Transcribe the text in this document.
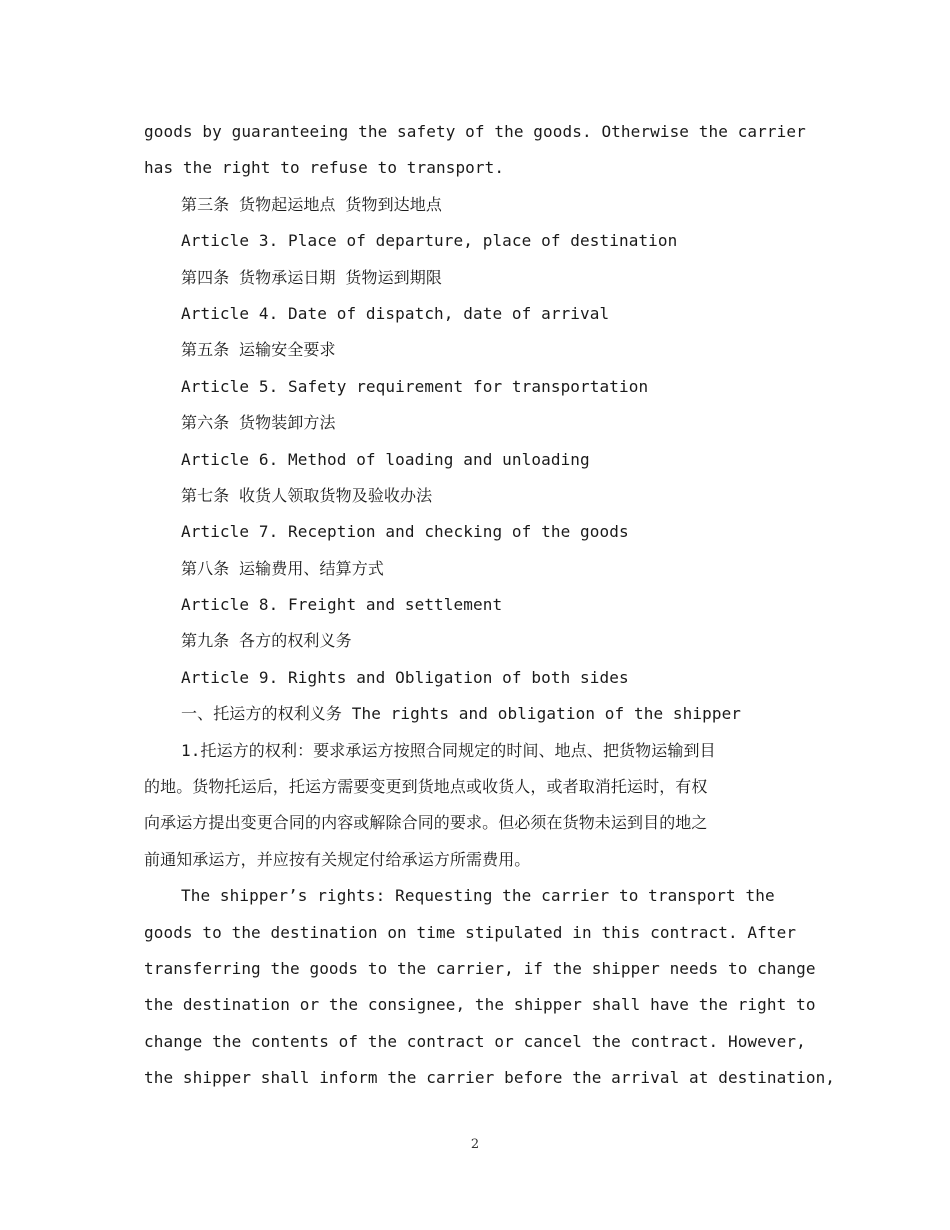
goods by guaranteeing the safety of the goods. Otherwise the carrier
has the right to refuse to transport.
第三条 货物起运地点 货物到达地点
Article 3. Place of departure, place of destination
第四条 货物承运日期 货物运到期限
Article 4. Date of dispatch, date of arrival
第五条 运输安全要求
Article 5. Safety requirement for transportation
第六条 货物装卸方法
Article 6. Method of loading and unloading
第七条 收货人领取货物及验收办法
Article 7. Reception and checking of the goods
第八条 运输费用、结算方式
Article 8. Freight and settlement
第九条 各方的权利义务
Article 9. Rights and Obligation of both sides
一、托运方的权利义务 The rights and obligation of the shipper
1.托运方的权利：要求承运方按照合同规定的时间、地点、把货物运输到目
的地。货物托运后，托运方需要变更到货地点或收货人，或者取消托运时，有权
向承运方提出变更合同的内容或解除合同的要求。但必须在货物未运到目的地之
前通知承运方，并应按有关规定付给承运方所需费用。
The shipper’s rights: Requesting the carrier to transport the
goods to the destination on time stipulated in this contract. After
transferring the goods to the carrier, if the shipper needs to change
the destination or the consignee, the shipper shall have the right to
change the contents of the contract or cancel the contract. However,
the shipper shall inform the carrier before the arrival at destination,
2
